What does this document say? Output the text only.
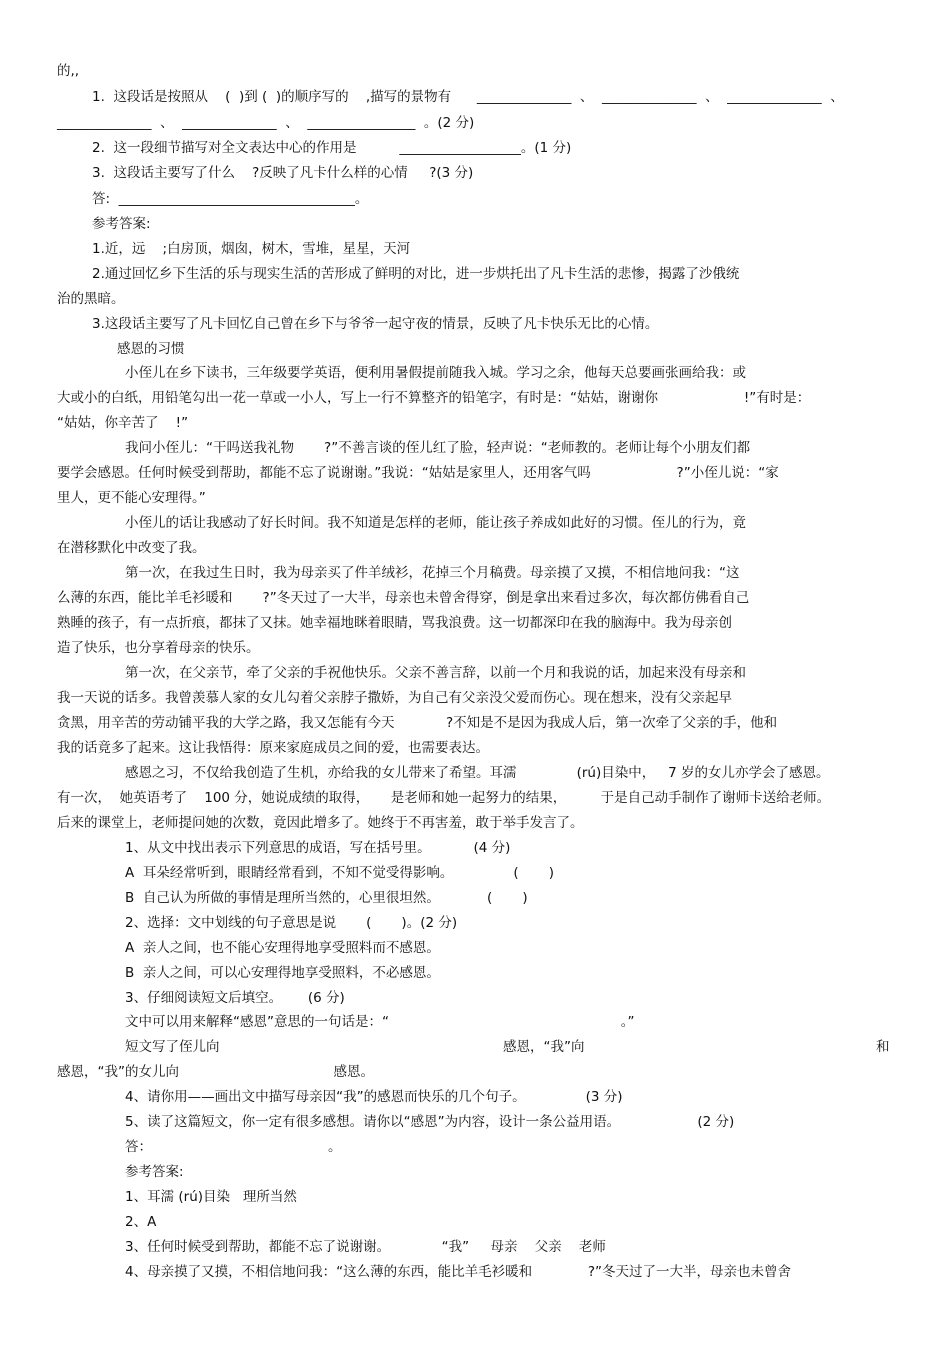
的,,
1.  这段话是按照从    (  )到 (  )的顺序写的    ,描写的景物有      ______________  、  ______________  、  ______________  、
______________  、  ______________  、  ________________  。(2 分)
2.  这一段细节描写对全文表达中心的作用是          __________________。(1 分)
3.  这段话主要写了什么    ?反映了凡卡什么样的心情     ?(3 分)
答:  ___________________________________。
参考答案:
1.近，远    ;白房顶，烟囱，树木，雪堆，星星，天河
2.通过回忆乡下生活的乐与现实生活的苦形成了鲜明的对比，进一步烘托出了凡卡生活的悲惨，揭露了沙俄统
治的黑暗。
3.这段话主要写了凡卡回忆自己曾在乡下与爷爷一起守夜的情景，反映了凡卡快乐无比的心情。
感恩的习惯
小侄儿在乡下读书，三年级要学英语，便利用暑假提前随我入城。学习之余，他每天总要画张画给我：或
大或小的白纸，用铅笔勾出一花一草或一小人，写上一行不算整齐的铅笔字，有时是：“姑姑，谢谢你                    !”有时是：
“姑姑，你辛苦了    !”
我问小侄儿：“干吗送我礼物       ?”不善言谈的侄儿红了脸，轻声说：“老师教的。老师让每个小朋友们都
要学会感恩。任何时候受到帮助，都能不忘了说谢谢。”我说：“姑姑是家里人，还用客气吗                    ?”小侄儿说：“家
里人，更不能心安理得。”
小侄儿的话让我感动了好长时间。我不知道是怎样的老师，能让孩子养成如此好的习惯。侄儿的行为，竟
在潜移默化中改变了我。
第一次，在我过生日时，我为母亲买了件羊绒衫，花掉三个月稿费。母亲摸了又摸，不相信地问我：“这
么薄的东西，能比羊毛衫暖和       ?”冬天过了一大半，母亲也未曾舍得穿，倒是拿出来看过多次，每次都仿佛看自己
熟睡的孩子，有一点折痕，都抹了又抹。她幸福地眯着眼睛，骂我浪费。这一切都深印在我的脑海中。我为母亲创
造了快乐，也分享着母亲的快乐。
第一次，在父亲节，牵了父亲的手祝他快乐。父亲不善言辞，以前一个月和我说的话，加起来没有母亲和
我一天说的话多。我曾羡慕人家的女儿勾着父亲脖子撒娇，为自己有父亲没父爱而伤心。现在想来，没有父亲起早
贪黑，用辛苦的劳动铺平我的大学之路，我又怎能有今天            ?不知是不是因为我成人后，第一次牵了父亲的手，他和
我的话竟多了起来。这让我悟得：原来家庭成员之间的爱，也需要表达。
感恩之习，不仅给我创造了生机，亦给我的女儿带来了希望。耳濡              (rú)目染中，   7 岁的女儿亦学会了感恩。
有一次，  她英语考了    100 分，她说成绩的取得，     是老师和她一起努力的结果，        于是自己动手制作了谢师卡送给老师。
后来的课堂上，老师提问她的次数，竟因此增多了。她终于不再害羞，敢于举手发言了。
1、从文中找出表示下列意思的成语，写在括号里。          (4 分)
A  耳朵经常听到，眼睛经常看到，不知不觉受得影响。              (       )
B  自己认为所做的事情是理所当然的，心里很坦然。           (       )
2、选择：文中划线的句子意思是说       (       )。(2 分)
A  亲人之间，也不能心安理得地享受照料而不感恩。
B  亲人之间，可以心安理得地享受照料，不必感恩。
3、仔细阅读短文后填空。      (6 分)
文中可以用来解释“感恩”意思的一句话是：“                                                      。”
感恩，“我”的女儿向                                    感恩。
4、请你用——画出文中描写母亲因“我”的感恩而快乐的几个句子。              (3 分)
5、读了这篇短文，你一定有很多感想。请你以“感恩”为内容，设计一条公益用语。                  (2 分)
答：                                         。
参考答案:
1、耳濡 (rú)目染   理所当然
2、A
3、任何时候受到帮助，都能不忘了说谢谢。            “我”     母亲    父亲    老师
4、母亲摸了又摸，不相信地问我：“这么薄的东西，能比羊毛衫暖和             ?”冬天过了一大半，母亲也未曾舍
短文写了侄儿向	感恩，“我”向	和
